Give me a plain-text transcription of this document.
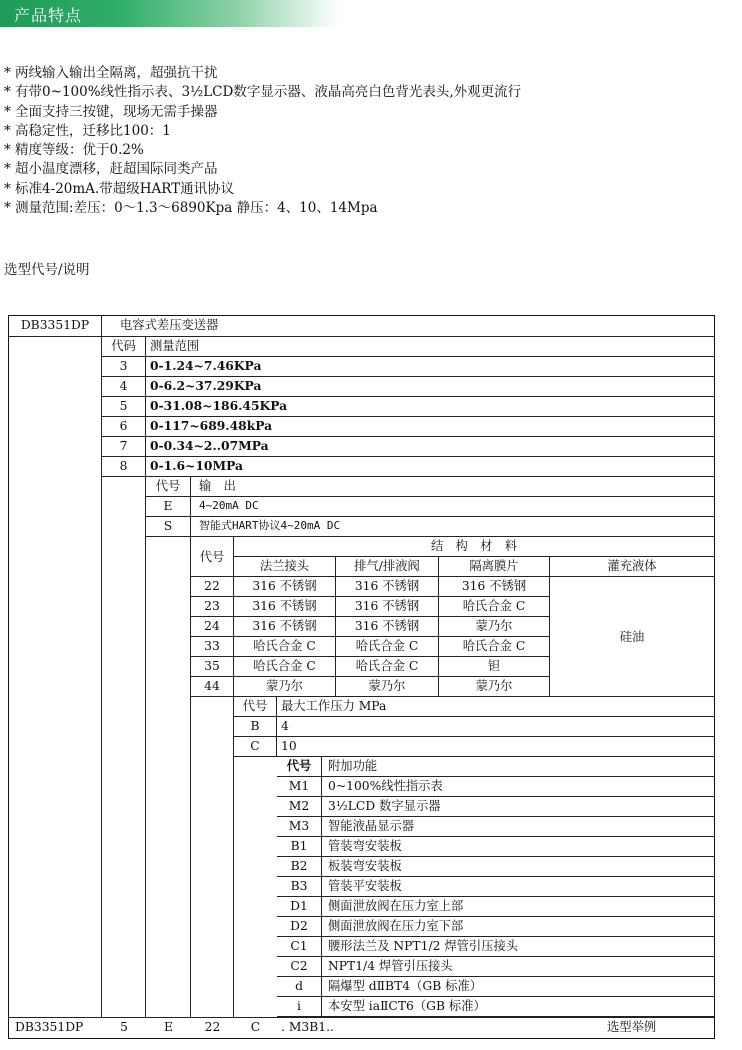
产品特点
* 两线输入输出全隔离，超强抗干扰
* 有带0~100%线性指示表、3½LCD数字显示器、液晶高亮白色背光表头,外观更流行
* 全面支持三按键，现场无需手操器
* 高稳定性，迁移比100：1
* 精度等级：优于0.2%
* 超小温度漂移，赶超国际同类产品
* 标准4-20mA.带超级HART通讯协议
* 测量范围:差压：0～1.3～6890Kpa 静压：4、10、14Mpa
选型代号/说明
DB3351DP	电容式差压变送器
代码	测量范围
3	0-1.24~7.46KPa
4	0-6.2~37.29KPa
5	0-31.08~186.45KPa
6	0-117~689.48kPa
7	0-0.34~2..07MPa
8	0-1.6~10MPa
代号	输　出
E	4~20mA DC
S	智能式HART协议4~20mA DC
代号
结　构　材　料
法兰接头	排气/排液阀	隔离膜片	灌充液体
22	316 不锈钢	316 不锈钢	316 不锈钢
23	316 不锈钢	316 不锈钢	哈氏合金 C
24	316 不锈钢	316 不锈钢	蒙乃尔
33	哈氏合金 C	哈氏合金 C	哈氏合金 C
35	哈氏合金 C	哈氏合金 C	钽
44	蒙乃尔	蒙乃尔	蒙乃尔
硅油
代号	最大工作压力 MPa
B	4
C	10
代号	附加功能
M1	0~100%线性指示表
M2	3½LCD 数字显示器
M3	智能液晶显示器
B1	管装弯安装板
B2	板装弯安装板
B3	管装平安装板
D1	侧面泄放阀在压力室上部
D2	侧面泄放阀在压力室下部
C1	腰形法兰及 NPT1/2 焊管引压接头
C2	NPT1/4 焊管引压接头
d	隔爆型 dⅡBT4（GB 标准）
i	本安型 iaⅡCT6（GB 标准）
DB3351DP	5	E	22	C	. M3B1..	选型举例
